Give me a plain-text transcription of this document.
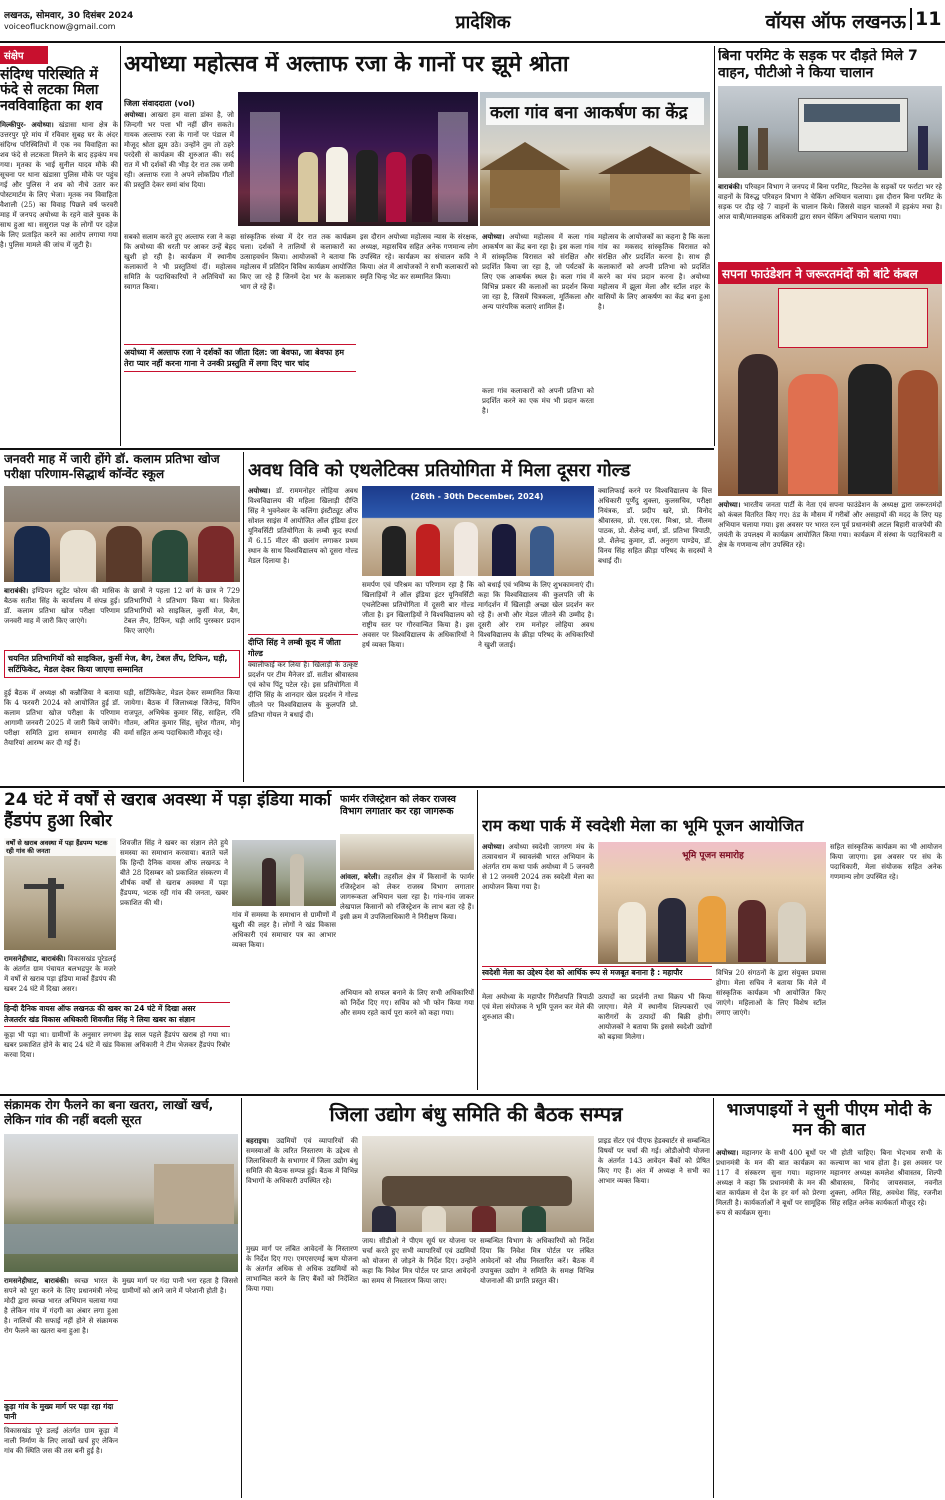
लखनऊ, सोमवार, 30 दिसंबर 2024
voiceoflucknow@gmail.com	प्रादेशिक	वॉयस ऑफ लखनऊ 11
संक्षेप
संदिग्ध परिस्थिति में फंदे से लटका मिला नवविवाहिता का शव
मिल्कीपुर- अयोध्या। खंडासा थाना क्षेत्र के उत्तरपुर पूरे मांय में रविवार सुबह घर के अंदर संदिग्ध परिस्थितियों में एक नव विवाहिता का शव फंदे से लटकता मिलने के बाद हड़कंप मच गया। मृतका के भाई सुनील यादव मौके की सूचना पर थाना खंडासा पुलिस मौके पर पहुंच गई और पुलिस ने शव को नीचे उतार कर पोस्टमार्टम के लिए भेजा। मृतक नव विवाहिता वैशाली (25) का विवाह पिछले वर्ष फरवरी माह में जनपद अयोध्या के रहने वाले युवक के साथ हुआ था। ससुराल पक्ष के लोगों पर दहेज के लिए प्रताड़ित करने का आरोप लगाया गया है। पुलिस मामले की जांच में जुटी है।
अयोध्या महोत्सव में अल्ताफ रजा के गानों पर झूमे श्रोता
जिला संवाददाता (vol)	कला गांव बना आकर्षण का केंद्र
अयोध्या। आखरा हम वाला डांका है, जो जिन्दगी भर पत्ता भी नहीं छीन सकते। गायक अल्ताफ रजा के गानों पर पंडाल में मौजूद श्रोता झूम उठे। उन्होंने तुम तो ठहरे परदेसी से कार्यक्रम की शुरुआत की। सर्द रात में भी दर्शकों की भीड़ देर रात तक जमी रही। अल्ताफ रजा ने अपने लोकप्रिय गीतों की प्रस्तुति देकर समां बांध दिया।
सबको सलाम करते हुए अल्ताफ रजा ने कहा कि अयोध्या की धरती पर आकर उन्हें बेहद खुशी हो रही है। कार्यक्रम में स्थानीय कलाकारों ने भी प्रस्तुतियां दीं। महोत्सव समिति के पदाधिकारियों ने अतिथियों का स्वागत किया।
अयोध्या में अल्ताफ रजा ने दर्शकों का जीता दिल: जा बेवफा, जा बेवफा हम तेरा प्यार नहीं करना गाना ने उनकी प्रस्तुति में लगा दिए चार चांद
सांस्कृतिक संध्या में देर रात तक कार्यक्रम चला। दर्शकों ने तालियों से कलाकारों का उत्साहवर्धन किया। आयोजकों ने बताया कि महोत्सव में प्रतिदिन विविध कार्यक्रम आयोजित किए जा रहे हैं जिनमें देश भर के कलाकार भाग ले रहे हैं।
इस दौरान अयोध्या महोत्सव न्यास के संरक्षक, अध्यक्ष, महासचिव सहित अनेक गणमान्य लोग उपस्थित रहे। कार्यक्रम का संचालन कवि ने किया। अंत में आयोजकों ने सभी कलाकारों को स्मृति चिन्ह भेंट कर सम्मानित किया।
अयोध्या। अयोध्या महोत्सव में कला गांव आकर्षण का केंद्र बना रहा है। इस कला गांव में सांस्कृतिक विरासत को संरक्षित और प्रदर्शित किया जा रहा है, जो पर्यटकों के लिए एक आकर्षक स्थल है। कला गांव में विभिन्न प्रकार की कलाओं का प्रदर्शन किया जा रहा है, जिसमें चित्रकला, मूर्तिकला और अन्य पारंपरिक कलाएं शामिल हैं।
महोत्सव के आयोजकों का कहना है कि कला गांव का मकसद सांस्कृतिक विरासत को संरक्षित और प्रदर्शित करना है। साथ ही कलाकारों को अपनी प्रतिभा को प्रदर्शित करने का मंच प्रदान करना है। अयोध्या महोत्सव में झूला मेला और स्टॉल शहर के वासियों के लिए आकर्षण का केंद्र बना हुआ है।
कला गांव कलाकारों को अपनी प्रतिभा को प्रदर्शित करने का एक मंच भी प्रदान करता है।
बिना परमिट के सड़क पर दौड़ते मिले 7 वाहन, पीटीओ ने किया चालान
बाराबंकी। परिवहन विभाग ने जनपद में बिना परमिट, फिटनेस के सड़कों पर फर्राटा भर रहे वाहनों के विरुद्ध परिवहन विभाग ने चेकिंग अभियान चलाया। इस दौरान बिना परमिट के सड़क पर दौड़ रहे 7 वाहनों के चालान किये। जिससे वाहन चालकों में हड़कंप मचा है। आज यात्री/मालवाहक अधिकारी द्वारा सघन चेकिंग अभियान चलाया गया।
सपना फाउंडेशन ने जरूरतमंदों को बांटे कंबल
अयोध्या। भारतीय जनता पार्टी के नेता एवं सपना फाउंडेशन के अध्यक्ष द्वारा जरूरतमंदों को कंबल वितरित किए गए। ठंड के मौसम में गरीबों और असहायों की मदद के लिए यह अभियान चलाया गया। इस अवसर पर भारत रत्न पूर्व प्रधानमंत्री अटल बिहारी वाजपेयी की जयंती के उपलक्ष्य में कार्यक्रम आयोजित किया गया। कार्यक्रम में संस्था के पदाधिकारी व क्षेत्र के गणमान्य लोग उपस्थित रहे।
जनवरी माह में जारी होंगे डॉ. कलाम प्रतिभा खोज परीक्षा परिणाम-सिद्धार्थ कॉन्वेंट स्कूल
बाराबंकी। इण्डियन स्टूडेंट फोरम की मासिक बैठक सतीश सिंह के कार्यालय में संपन्न हुई। डॉ. कलाम प्रतिभा खोज परीक्षा परिणाम जनवरी माह में जारी किए जाएंगे।
के छात्रों ने पहला 12 वर्ग के छात्र ने 729 प्रतिभागियों ने प्रतिभाग किया था। विजेता प्रतिभागियों को साइकिल, कुर्सी मेज, बैग, टेबल लैंप, टिफिन, घड़ी आदि पुरस्कार प्रदान किए जाएंगे।
चयनित प्रतिभागियों को साइकिल, कुर्सी मेज, बैग, टेबल लैंप, टिफिन, घड़ी, सर्टिफिकेट, मेडल देकर किया जाएगा सम्मानित
हुई बैठक में अध्यक्ष श्री कन्नौजिया ने बताया कि 4 फरवरी 2024 को आयोजित हुई डॉ. कलाम प्रतिभा खोज परीक्षा के परिणाम आगामी जनवरी 2025 में जारी किये जायेंगे। परीक्षा समिति द्वारा सम्मान समारोह की तैयारियां आरम्भ कर दी गई हैं।
घड़ी, सर्टिफिकेट, मेडल देकर सम्मानित किया जायेगा। बैठक में जिलाध्यक्ष जितेन्द्र, विपिन राजपूत, अभिषेक कुमार सिंह, साहिल, रवि गौतम, अमित कुमार सिंह, सुरेश गौतम, मोनू वर्मा सहित अन्य पदाधिकारी मौजूद रहे।
अवध विवि को एथलेटिक्स प्रतियोगिता में मिला दूसरा गोल्ड
(26th - 30th December, 2024)
अयोध्या। डॉ. राममनोहर लोहिया अवध विश्वविद्यालय की महिला खिलाड़ी दीप्ति सिंह ने भुवनेश्वर के कलिंगा इंस्टीट्यूट ऑफ सोशल साइंस में आयोजित ऑल इंडिया इंटर यूनिवर्सिटी प्रतियोगिता के लम्बी कूद स्पर्धा में 6.15 मीटर की छलांग लगाकर प्रथम स्थान के साथ विश्वविद्यालय को दूसरा गोल्ड मेडल दिलाया है।
दीप्ति सिंह ने लम्बी कूद में जीता गोल्ड
क्वालीफाई कर लिया है। खिलाड़ी के उत्कृष्ट प्रदर्शन पर टीम मैनेजर डॉ. सतीश श्रीवास्तव एवं कोच पिंटू पटेल रहे। इस प्रतियोगिता में दीप्ति सिंह के शानदार खेल प्रदर्शन ने गोल्ड जीतने पर विश्वविद्यालय के कुलपति प्रो. प्रतिभा गोयल ने बधाई दी।
समर्पण एवं परिश्रम का परिणाम रहा है कि खिलाड़ियों ने ऑल इंडिया इंटर यूनिवर्सिटी एथलेटिक्स प्रतियोगिता में दूसरी बार गोल्ड जीता है। इन खिलाड़ियों ने विश्वविद्यालय को राष्ट्रीय स्तर पर गौरवान्वित किया है। इस अवसर पर विश्वविद्यालय के अधिकारियों ने हर्ष व्यक्त किया।
को बधाई एवं भविष्य के लिए शुभकामनाएं दी। कहा कि विश्वविद्यालय की कुलपति जी के मार्गदर्शन में खिलाड़ी अच्छा खेल प्रदर्शन कर रहे हैं। अभी और मेडल जीतने की उम्मीद है। दूसरी ओर राम मनोहर लोहिया अवध विश्वविद्यालय के क्रीड़ा परिषद के अधिकारियों ने खुशी जताई।
क्वालिफाई करने पर विश्वविद्यालय के वित्त अधिकारी पूर्णेंदु शुक्ला, कुलसचिव, परीक्षा नियंत्रक, डॉ. प्रदीप खरे, प्रो. विनोद श्रीवास्तव, प्रो. एस.एस. मिश्रा, प्रो. नीलम पाठक, प्रो. शैलेन्द्र वर्मा, डॉ. प्रतिभा त्रिपाठी, प्रो. शैलेन्द्र कुमार, डॉ. अनुराग पाण्डेय, डॉ. विनय सिंह सहित क्रीड़ा परिषद के सदस्यों ने बधाई दी।
24 घंटे में वर्षों से खराब अवस्था में पड़ा इंडिया मार्का हैंडपंप हुआ रिबोर
वर्षों से खराब अवस्था में पड़ा हैंडपम्प भटक रही गांव की जनता
शिवजीत सिंह ने खबर का संज्ञान लेते हुये समस्या का समाधान करवाया। बताते चलें कि हिन्दी दैनिक वायस ऑफ लखनऊ ने बीते 28 दिसम्बर को प्रकाशित संस्करण में शीर्षक वर्षों से खराब अवस्था में पड़ा हैंडपम्प, भटक रही गांव की जनता, खबर प्रकाशित की थी।
रामसनेहीघाट, बाराबंकी। विकासखंड पूरेडलई के अंतर्गत ग्राम पंचायत बलभद्रपुर के मजरे में वर्षों से खराब पड़ा इंडिया मार्का हैंडपंप की खबर 24 घंटे में दिखा असर।
हिन्दी दैनिक वायस ऑफ लखनऊ की खबर का 24 घंटे में दिखा असर
तेजतर्रार खंड विकास अधिकारी शिवजीत सिंह ने लिया खबर का संज्ञान
कूड़ा भी पड़ा था। ग्रामीणों के अनुसार लगभग डेढ़ साल पहले हैंडपंप खराब हो गया था। खबर प्रकाशित होने के बाद 24 घंटे में खंड विकास अधिकारी ने टीम भेजकर हैंडपंप रिबोर करवा दिया।
गांव में समस्या के समाधान से ग्रामीणों में खुशी की लहर है। लोगों ने खंड विकास अधिकारी एवं समाचार पत्र का आभार व्यक्त किया।
फार्मर रजिस्ट्रेशन को लेकर राजस्व विभाग लगातार कर रहा जागरूक
आंवला, बरेली। तहसील क्षेत्र में किसानों के फार्मर रजिस्ट्रेशन को लेकर राजस्व विभाग लगातार जागरूकता अभियान चला रहा है। गांव-गांव जाकर लेखपाल किसानों को रजिस्ट्रेशन के लाभ बता रहे हैं। इसी क्रम में उपजिलाधिकारी ने निरीक्षण किया।
अभियान को सफल बनाने के लिए सभी अधिकारियों को निर्देश दिए गए। सचिव को भी फोन किया गया और समय रहते कार्य पूरा करने को कहा गया।
राम कथा पार्क में स्वदेशी मेला का भूमि पूजन आयोजित
भूमि पूजन समारोह
अयोध्या। अयोध्या स्वदेशी जागरण मंच के तत्वावधान में स्वावलंबी भारत अभियान के अंतर्गत राम कथा पार्क अयोध्या में 5 जनवरी से 12 जनवरी 2024 तक स्वदेशी मेला का आयोजन किया गया है।
स्वदेशी मेला का उद्देश्य देश को आर्थिक रूप से मजबूत बनाना है : महापौर
मेला अयोध्या के महापौर गिरीशपति त्रिपाठी एवं मेला संयोजक ने भूमि पूजन कर मेले की शुरुआत की।
उत्पादों का प्रदर्शनी तथा विक्रय भी किया जाएगा। मेले में स्थानीय शिल्पकारों एवं कारीगरों के उत्पादों की बिक्री होगी। आयोजकों ने बताया कि इससे स्वदेशी उद्योगों को बढ़ावा मिलेगा।
विभिन्न 20 संगठनों के द्वारा संयुक्त प्रयास होगा। मेला सचिव ने बताया कि मेले में सांस्कृतिक कार्यक्रम भी आयोजित किए जाएंगे। महिलाओं के लिए विशेष स्टॉल लगाए जाएंगे।
सहित सांस्कृतिक कार्यक्रम का भी आयोजन किया जाएगा। इस अवसर पर संघ के पदाधिकारी, मेला संयोजक सहित अनेक गणमान्य लोग उपस्थित रहे।
संक्रामक रोग फैलने का बना खतरा, लाखों खर्च, लेकिन गांव की नहीं बदली सूरत
रामसनेहीघाट, बाराबंकी। स्वच्छ भारत के सपने को पूरा करने के लिए प्रधानमंत्री नरेन्द्र मोदी द्वारा स्वच्छ भारत अभियान चलाया गया है लेकिन गांव में गंदगी का अंबार लगा हुआ है। नालियों की सफाई नहीं होने से संक्रामक रोग फैलने का खतरा बना हुआ है।
मुख्य मार्ग पर गंदा पानी भरा रहता है जिससे ग्रामीणों को आने जाने में परेशानी होती है।
कूड़ा गांव के मुख्य मार्ग पर पड़ा रहा गंदा पानी
विकासखंड पूरे डलई अंतर्गत ग्राम कूड़ा में नाली निर्माण के लिए लाखों खर्च हुए लेकिन गांव की स्थिति जस की तस बनी हुई है।
जिला उद्योग बंधु समिति की बैठक सम्पन्न
बहराइच। उद्यमियों एवं व्यापारियों की समस्याओं के त्वरित निस्तारण के उद्देश्य से जिलाधिकारी के सभागार में जिला उद्योग बंधु समिति की बैठक सम्पन्न हुई। बैठक में विभिन्न विभागों के अधिकारी उपस्थित रहे।
मुख्य मार्ग पर लंबित आवेदनों के निस्तारण के निर्देश दिए गए। एमएसएमई ऋण योजना के अंतर्गत अधिक से अधिक उद्यमियों को लाभान्वित करने के लिए बैंकों को निर्देशित किया गया।
जाय। सीडीओ ने पीएम सूर्य घर योजना पर चर्चा करते हुए सभी व्यापारियों एवं उद्यमियों को योजना से जोड़ने के निर्देश दिए। उन्होंने कहा कि निवेश मित्र पोर्टल पर प्राप्त आवेदनों का समय से निस्तारण किया जाए।
सम्बन्धित विभाग के अधिकारियों को निर्देश दिया कि निवेश मित्र पोर्टल पर लंबित आवेदनों को शीघ्र निस्तारित करें। बैठक में उपायुक्त उद्योग ने समिति के समक्ष विभिन्न योजनाओं की प्रगति प्रस्तुत की।
प्राइड सेंटर एवं पीएफ हेडक्वार्टर से सम्बन्धित विषयों पर चर्चा की गई। ओडीओपी योजना के अंतर्गत 143 आवेदन बैंकों को प्रेषित किए गए हैं। अंत में अध्यक्ष ने सभी का आभार व्यक्त किया।
भाजपाइयों ने सुनी पीएम मोदी के मन की बात
अयोध्या। महानगर के सभी 400 बूथों पर प्रधानमंत्री के मन की बात कार्यक्रम का 117 वें संस्करण सुना गया। महानगर अध्यक्ष ने कहा कि प्रधानमंत्री के मन की बात कार्यक्रम से देश के हर वर्ग को प्रेरणा मिलती है। कार्यकर्ताओं ने बूथों पर सामूहिक रूप से कार्यक्रम सुना।
भी होती चाहिए। बिना भेदभाव सभी के कल्याण का भाव होता है। इस अवसर पर महानगर अध्यक्ष कमलेश श्रीवास्तव, शिल्पी श्रीवास्तव, विनोद जायसवाल, नवनीत शुक्ला, अमित सिंह, अवधेश सिंह, रजनीश सिंह सहित अनेक कार्यकर्ता मौजूद रहे।
